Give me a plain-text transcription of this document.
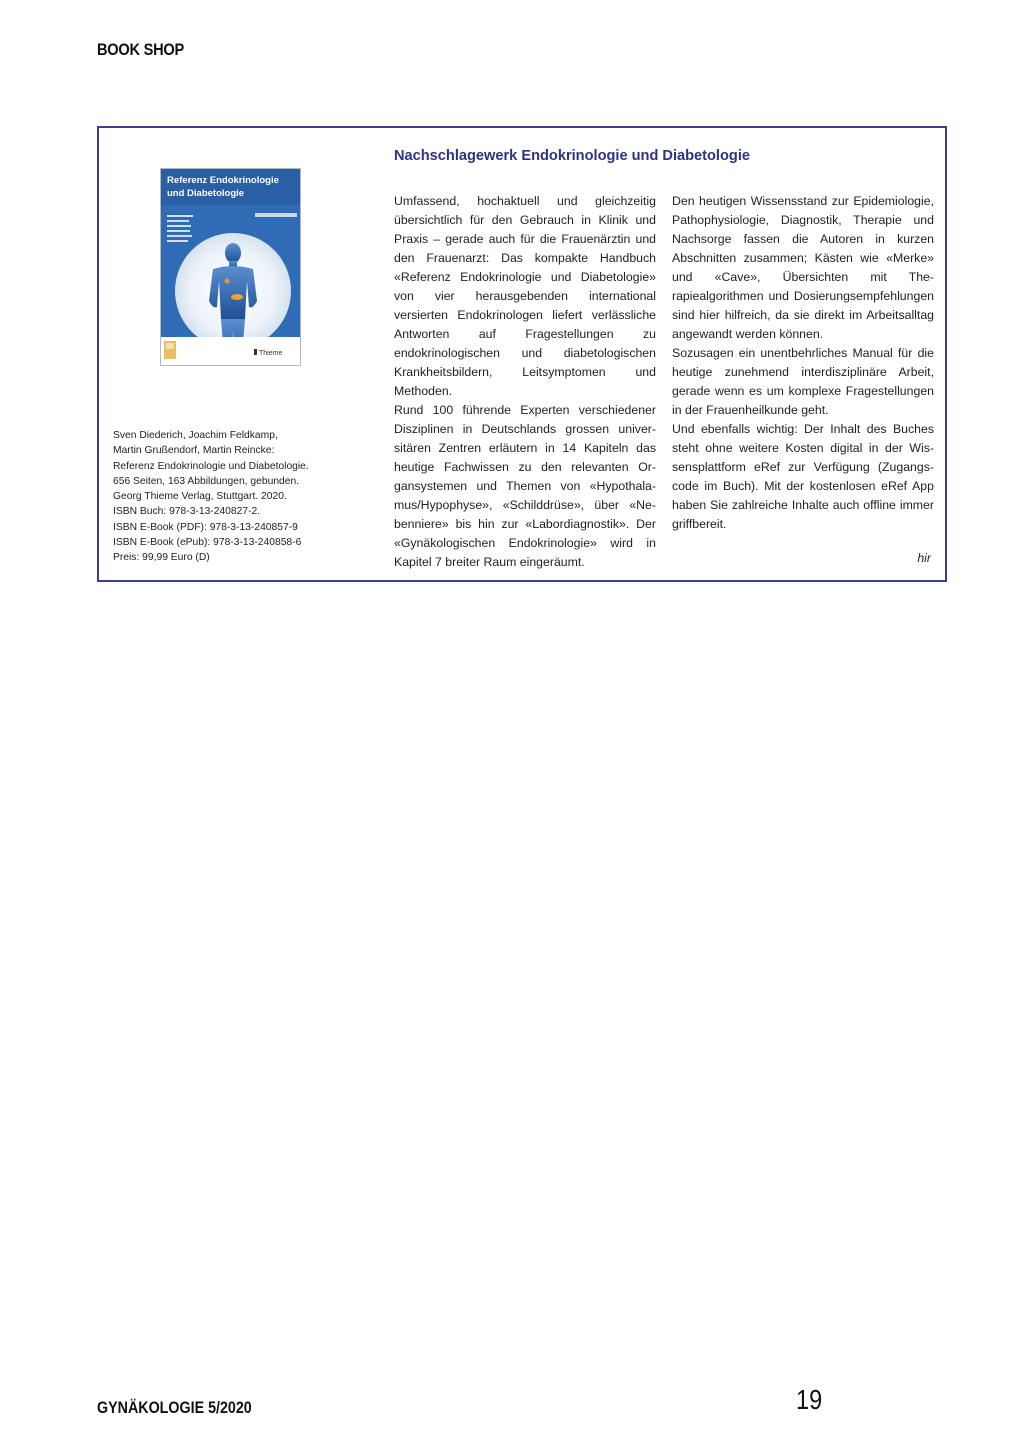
BOOK SHOP
Referenz Endokrinologie
und Diabetologie
Thieme
Sven Diederich, Joachim Feldkamp,
Martin Grußendorf, Martin Reincke:
Referenz Endokrinologie und Diabetologie.
656 Seiten, 163 Abbildungen, gebunden.
Georg Thieme Verlag, Stuttgart. 2020.
ISBN Buch: 978-3-13-240827-2.
ISBN E-Book (PDF): 978-3-13-240857-9
ISBN E-Book (ePub): 978-3-13-240858-6
Preis: 99,99 Euro (D)
Nachschlagewerk Endokrinologie und Diabetologie

Umfassend, hochaktuell und gleichzeitig übersichtlich für den Gebrauch in Klinik und Praxis – gerade auch für die Frauenärztin und den Frauenarzt: Das kompakte Handbuch «Referenz Endokrinologie und Diabetologie» von vier herausgebenden international versierten Endokrinologen liefert verlässliche Antworten auf Fragestellungen zu endokrinologischen und diabetologischen Krankheitsbildern, Leitsymptomen und Methoden.

Rund 100 führende Experten verschiedener Disziplinen in Deutschlands grossen universitären Zentren erläutern in 14 Kapiteln das heutige Fachwissen zu den relevanten Organsystemen und Themen von «Hypothalamus/Hypophyse», «Schilddrüse», über «Nebenniere» bis hin zur «Labordiagnostik». Der «Gynäkologischen Endokrinologie» wird in Kapitel 7 breiter Raum eingeräumt.

Den heutigen Wissensstand zur Epidemiologie, Pathophysiologie, Diagnostik, Therapie und Nachsorge fassen die Autoren in kurzen Abschnitten zusammen; Kästen wie «Merke» und «Cave», Übersichten mit Therapiealgorithmen und Dosierungsempfehlungen sind hier hilfreich, da sie direkt im Arbeitsalltag angewandt werden können.

Sozusagen ein unentbehrliches Manual für die heutige zunehmend interdisziplinäre Arbeit, gerade wenn es um komplexe Fragestellungen in der Frauenheilkunde geht.

Und ebenfalls wichtig: Der Inhalt des Buches steht ohne weitere Kosten digital in der Wissensplattform eRef zur Verfügung (Zugangscode im Buch). Mit der kostenlosen eRef App haben Sie zahlreiche Inhalte auch offline immer griffbereit.

hir
GYNÄKOLOGIE 5/2020	19
